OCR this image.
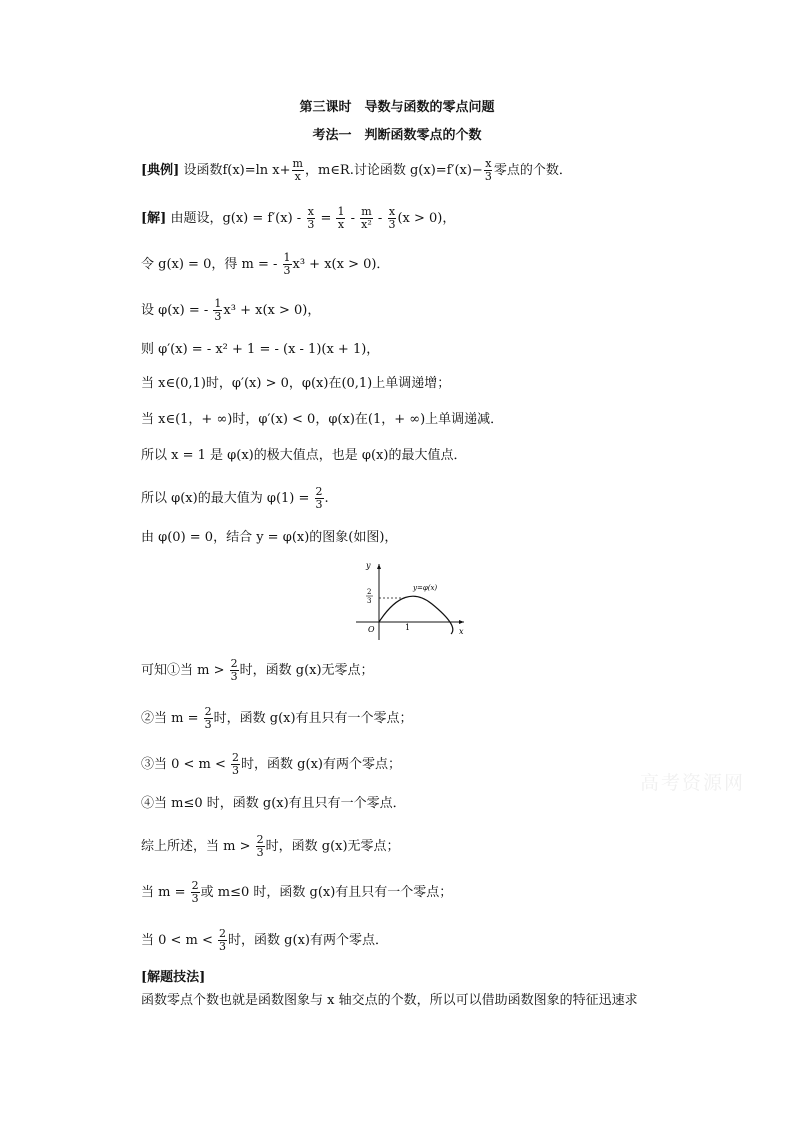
第三课时　导数与函数的零点问题
考法一　判断函数零点的个数
[典例] 设函数f(x)=ln $x+ \frac{m}{x}$ ，m∈R.讨论函数 $g(x)=f'(x)- \frac{x}{3}$ 零点的个数．
[解] 由题设，$g(x) = f'(x) - \frac{x}{3} = \frac{1}{x} - \frac{m}{\text{x²}} - \frac{x}{3} (x > 0)$，
令 g(x) = 0，得 m = - $\frac{1}{3} x^3 + x(x > 0)$．
设 φ(x) = - $\frac{1}{3} x^3 + x(x > 0)$，
则 φ′(x) = - x² + 1 = - (x - 1)(x + 1)，
当 x∈(0,1)时，φ′(x) > 0，φ(x)在(0,1)上单调递增；
当 x∈(1，+ ∞)时，φ′(x) < 0，φ(x)在(1，+ ∞)上单调递减．
所以 x = 1 是 φ(x)的极大值点，也是 φ(x)的最大值点．
所以 φ(x)的最大值为 $\varphi(1) = \frac{2}{3}$ .
由 φ(0) = 0，结合 y = φ(x)的图象(如图)，
y
x
O	1
2
3
y=φ(x)
可知①当 $m > \frac{2}{3}$ 时，函数 g(x)无零点；
②当 $m = \frac{2}{3}$ 时，函数 g(x)有且只有一个零点；
③当 $0 < m < \frac{2}{3}$ 时，函数 g(x)有两个零点；
④当 m≤0 时，函数 g(x)有且只有一个零点．
综上所述，当 $m > \frac{2}{3}$ 时，函数 g(x)无零点；
当 $m = \frac{2}{3}$ 或 m≤0 时，函数 g(x)有且只有一个零点；
当 $0 < m < \frac{2}{3}$ 时，函数 g(x)有两个零点．
[解题技法]
函数零点个数也就是函数图象与 x 轴交点的个数，所以可以借助函数图象的特征迅速求
高考资源网
